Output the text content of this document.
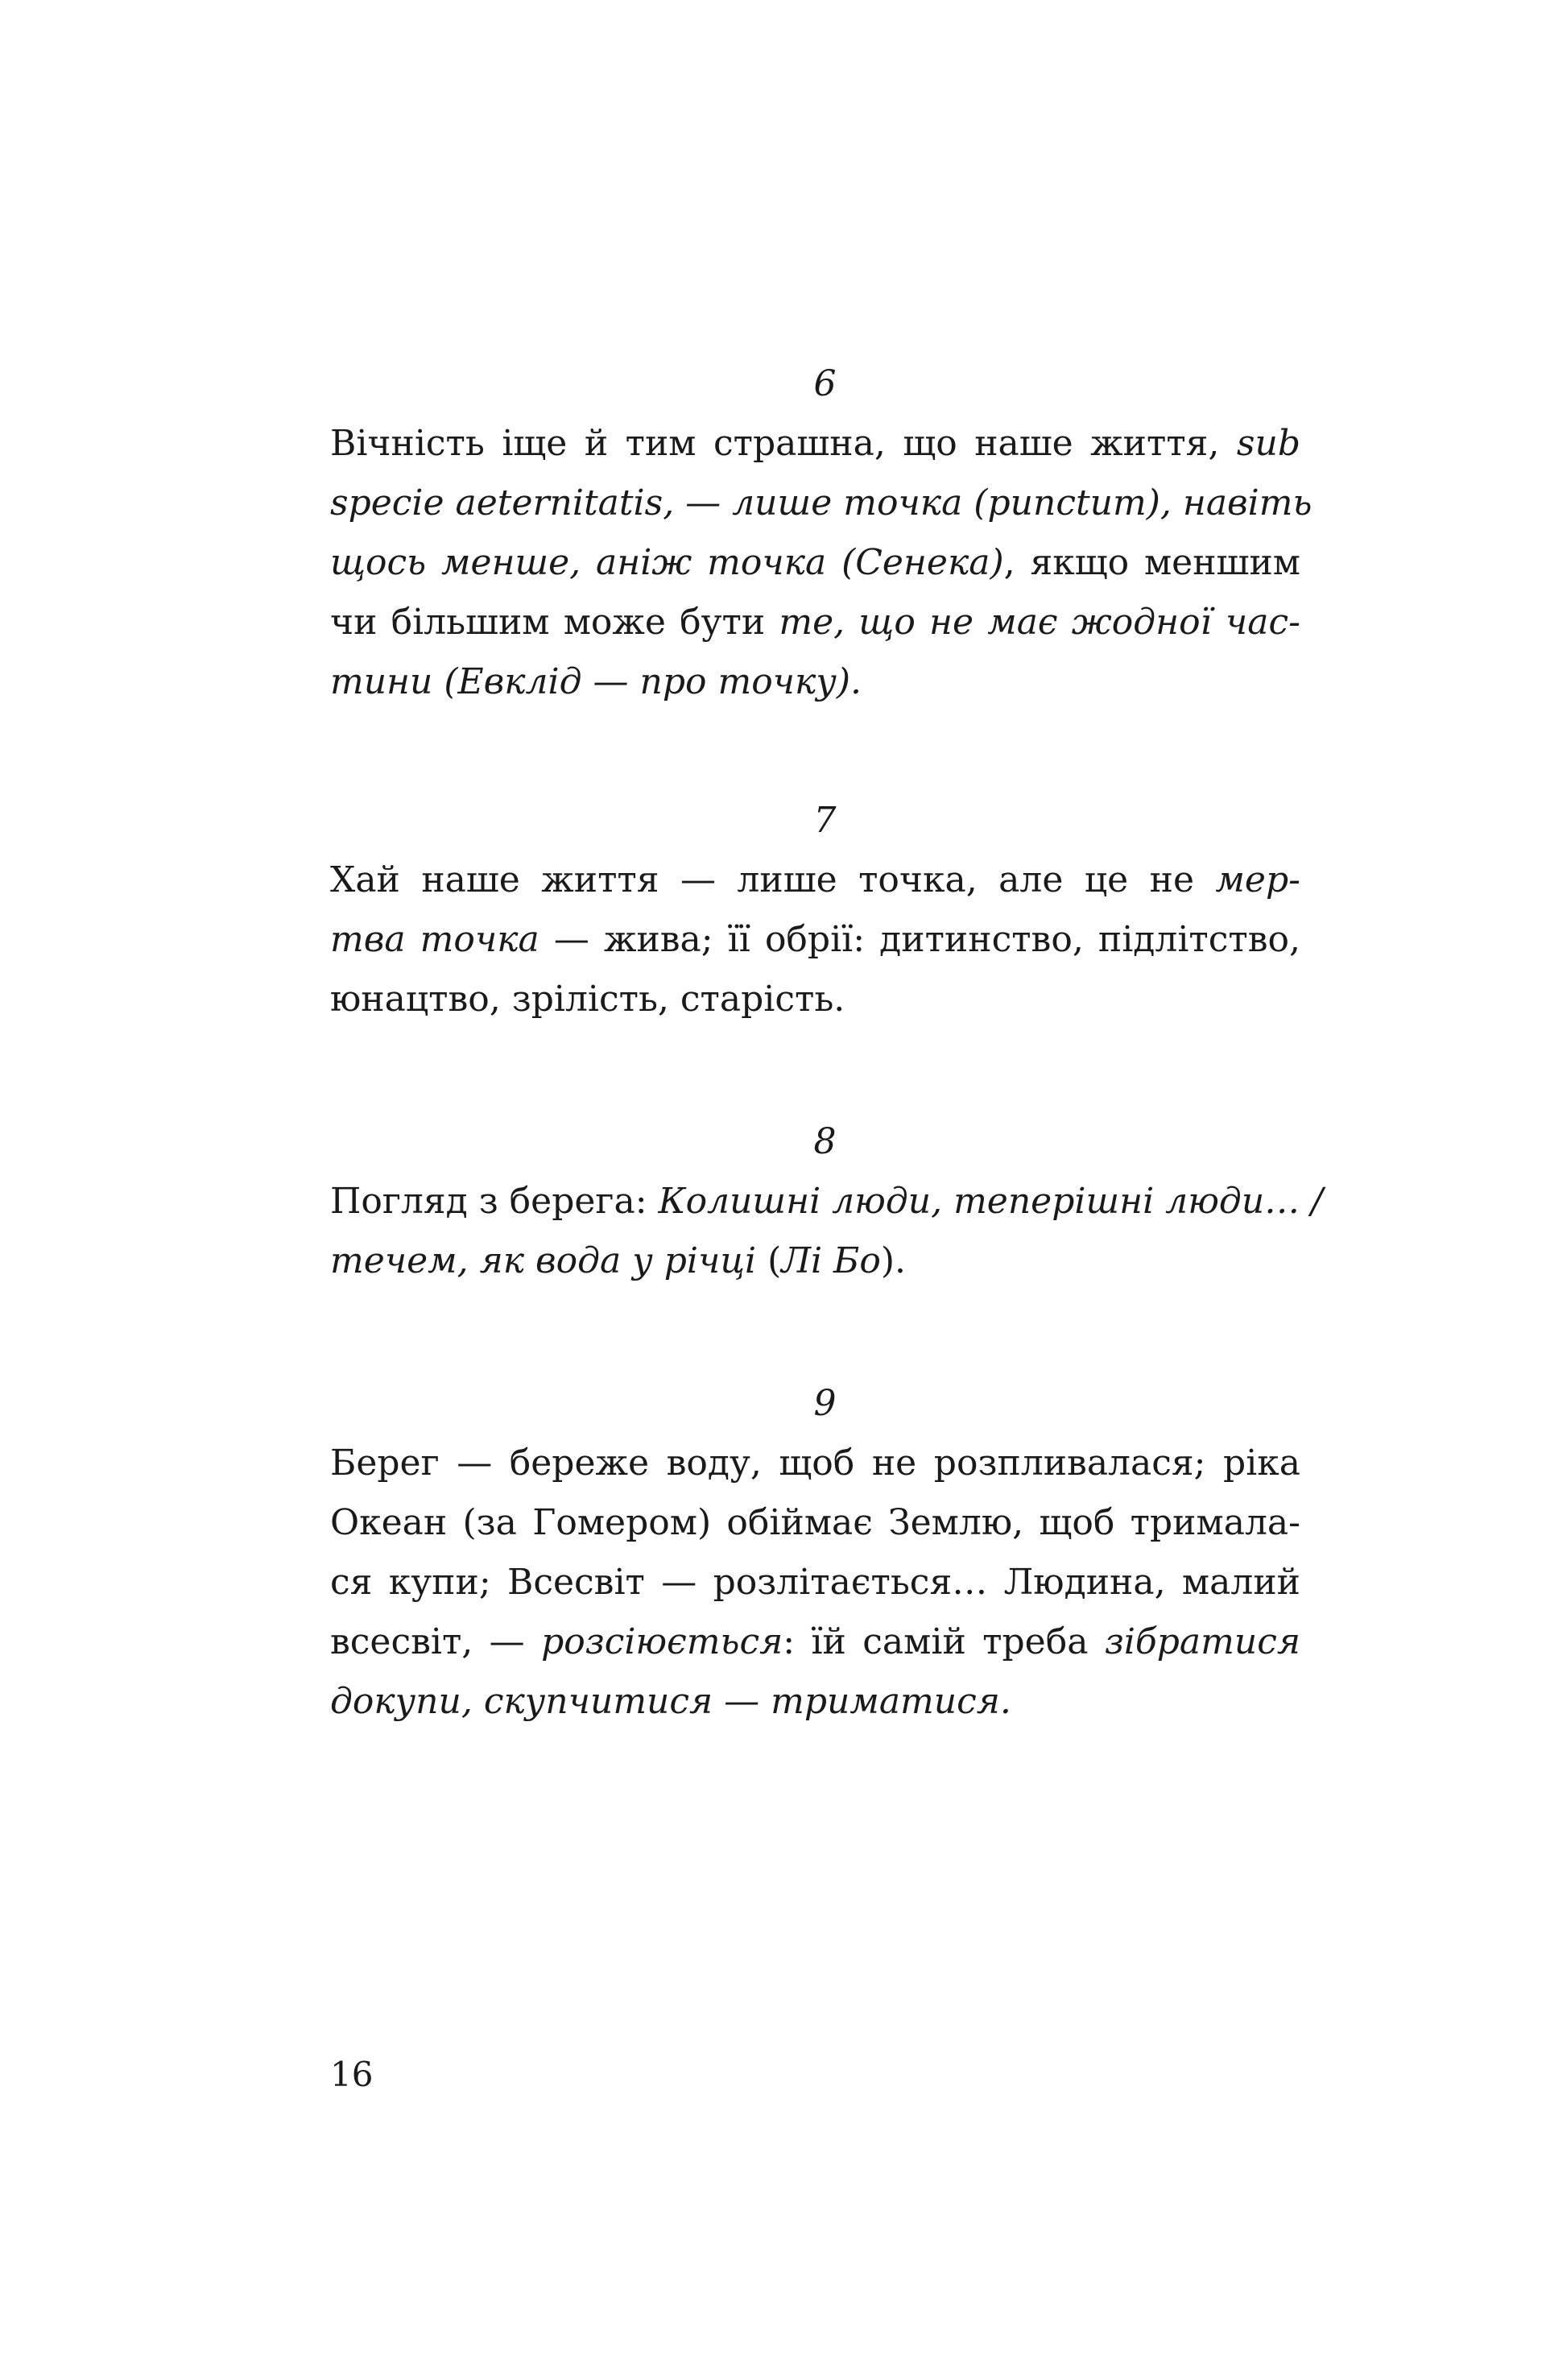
6
Вічність іще й тим страшна, що наше життя, sub
specie aeternitatis, — лише точка (punctum), навіть
щось менше, аніж точка (Сенека), якщо меншим
чи більшим може бути те, що не має жодної час-
тини (Евклід — про точку).
7
Хай наше життя — лише точка, але це не мер-
тва точка — жива; її обрії: дитинство, підлітство,
юнацтво, зрілість, старість.
8
Погляд з берега: Колишні люди, теперішні люди… /
течем, як вода у річці (Лі Бо).
9
Берег — береже воду, щоб не розпливалася; ріка
Океан (за Гомером) обіймає Землю, щоб тримала-
ся купи; Всесвіт — розлітається… Людина, малий
всесвіт, — розсіюється: їй самій треба зібратися
докупи, скупчитися — триматися.
16
